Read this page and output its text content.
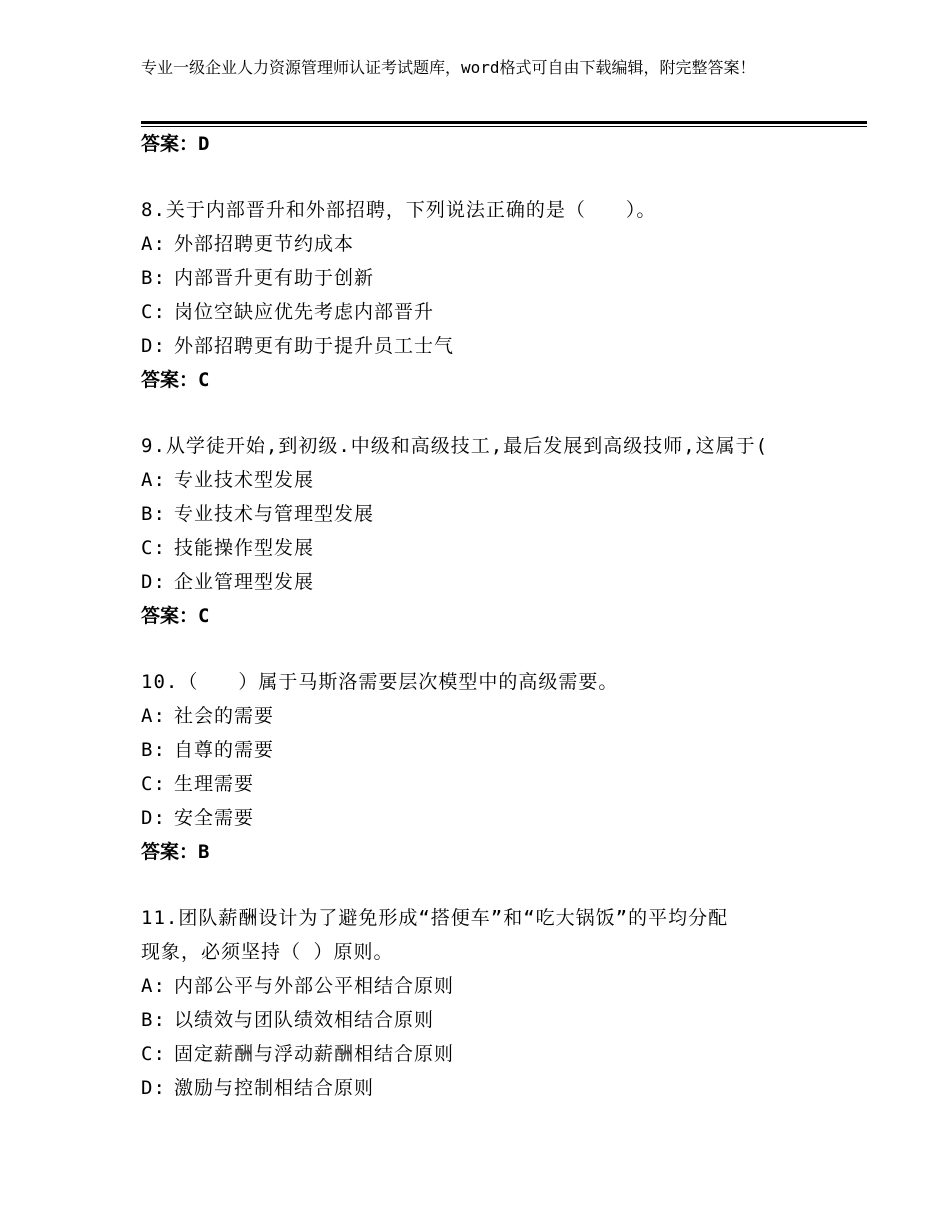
专业一级企业人力资源管理师认证考试题库，word格式可自由下载编辑，附完整答案！
答案：D
8.关于内部晋升和外部招聘，下列说法正确的是（　　）。
A: 外部招聘更节约成本
B: 内部晋升更有助于创新
C: 岗位空缺应优先考虑内部晋升
D: 外部招聘更有助于提升员工士气
答案：C
9.从学徒开始,到初级.中级和高级技工,最后发展到高级技师,这属于(
A: 专业技术型发展
B: 专业技术与管理型发展
C: 技能操作型发展
D: 企业管理型发展
答案：C
10.（　　）属于马斯洛需要层次模型中的高级需要。
A: 社会的需要
B: 自尊的需要
C: 生理需要
D: 安全需要
答案：B
11.团队薪酬设计为了避免形成“搭便车”和“吃大锅饭”的平均分配
现象，必须坚持（ ）原则。
A: 内部公平与外部公平相结合原则
B: 以绩效与团队绩效相结合原则
C: 固定薪酬与浮动薪酬相结合原则
D: 激励与控制相结合原则
